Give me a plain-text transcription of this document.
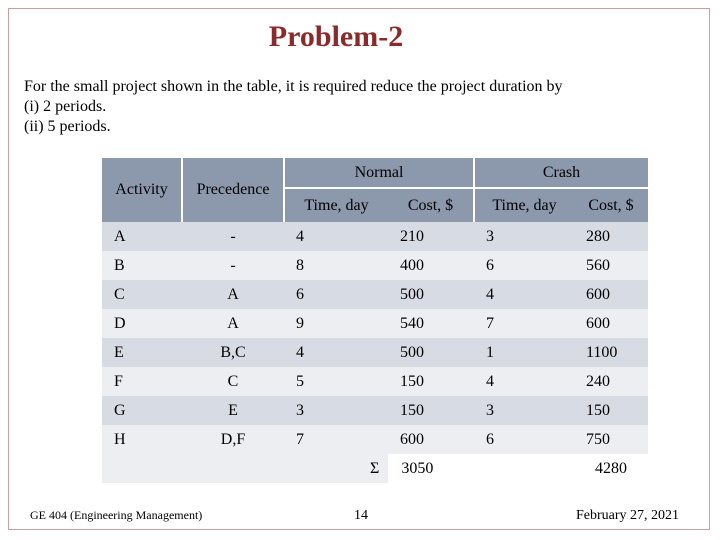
Problem-2
For the small project shown in the table, it is required reduce the project duration by
(i) 2 periods.
(ii) 5 periods.
Activity	Precedence	Normal		Crash	
		Time, day	Cost, $	Time, day	Cost, $
A	-	4	210	3	280
B	-	8	400	6	560
C	A	6	500	4	600
D	A	9	540	7	600
E	B,C	4	500	1	1100
F	C	5	150	4	240
G	E	3	150	3	150
H	D,F	7	600	6	750
			Σ 3050		4280
GE 404 (Engineering Management)	14	February 27, 2021
